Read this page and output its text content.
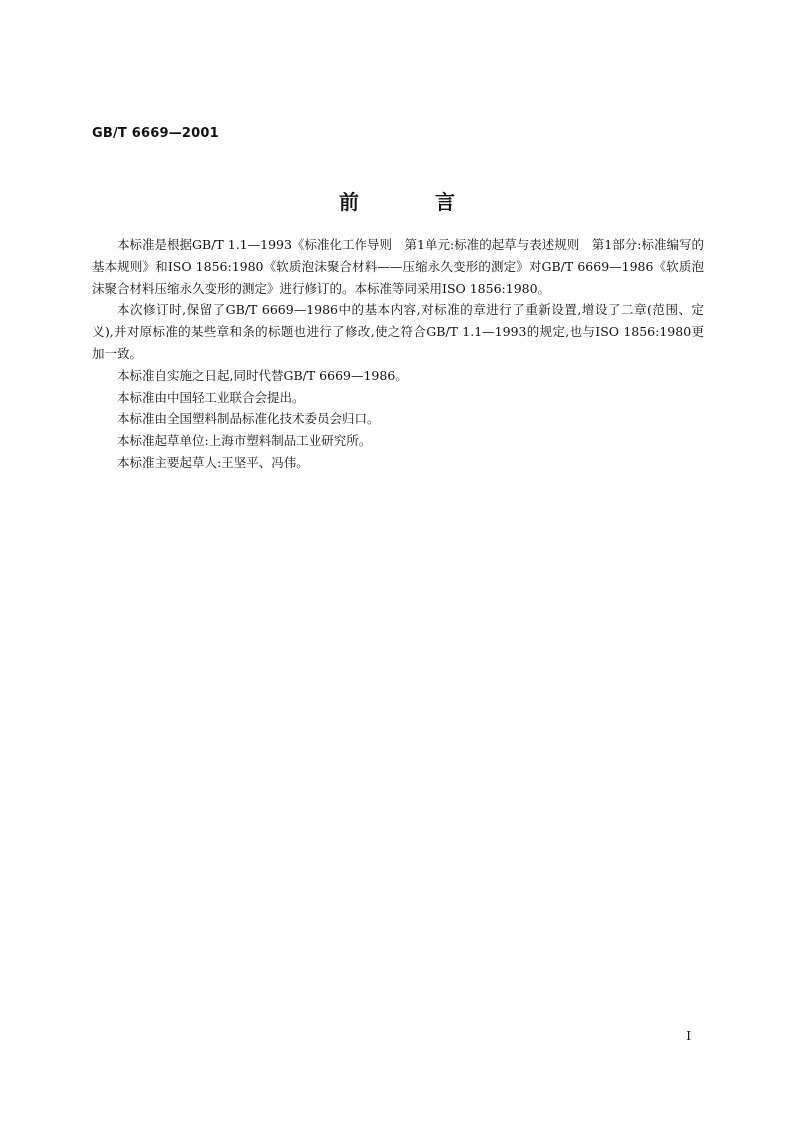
GB/T 6669—2001
前　言

本标准是根据GB/T 1.1—1993《标准化工作导则　第1单元:标准的起草与表述规则　第1部分:标准编写的基本规则》和ISO 1856:1980《软质泡沫聚合材料——压缩永久变形的测定》对GB/T 6669—1986《软质泡沫聚合材料压缩永久变形的测定》进行修订的。本标准等同采用ISO 1856:1980。

本次修订时,保留了GB/T 6669—1986中的基本内容,对标准的章进行了重新设置,增设了二章(范围、定义),并对原标准的某些章和条的标题也进行了修改,使之符合GB/T 1.1—1993的规定,也与ISO 1856:1980更加一致。

本标准自实施之日起,同时代替GB/T 6669—1986。

本标准由中国轻工业联合会提出。

本标准由全国塑料制品标准化技术委员会归口。

本标准起草单位:上海市塑料制品工业研究所。

本标准主要起草人:王坚平、冯伟。

I
